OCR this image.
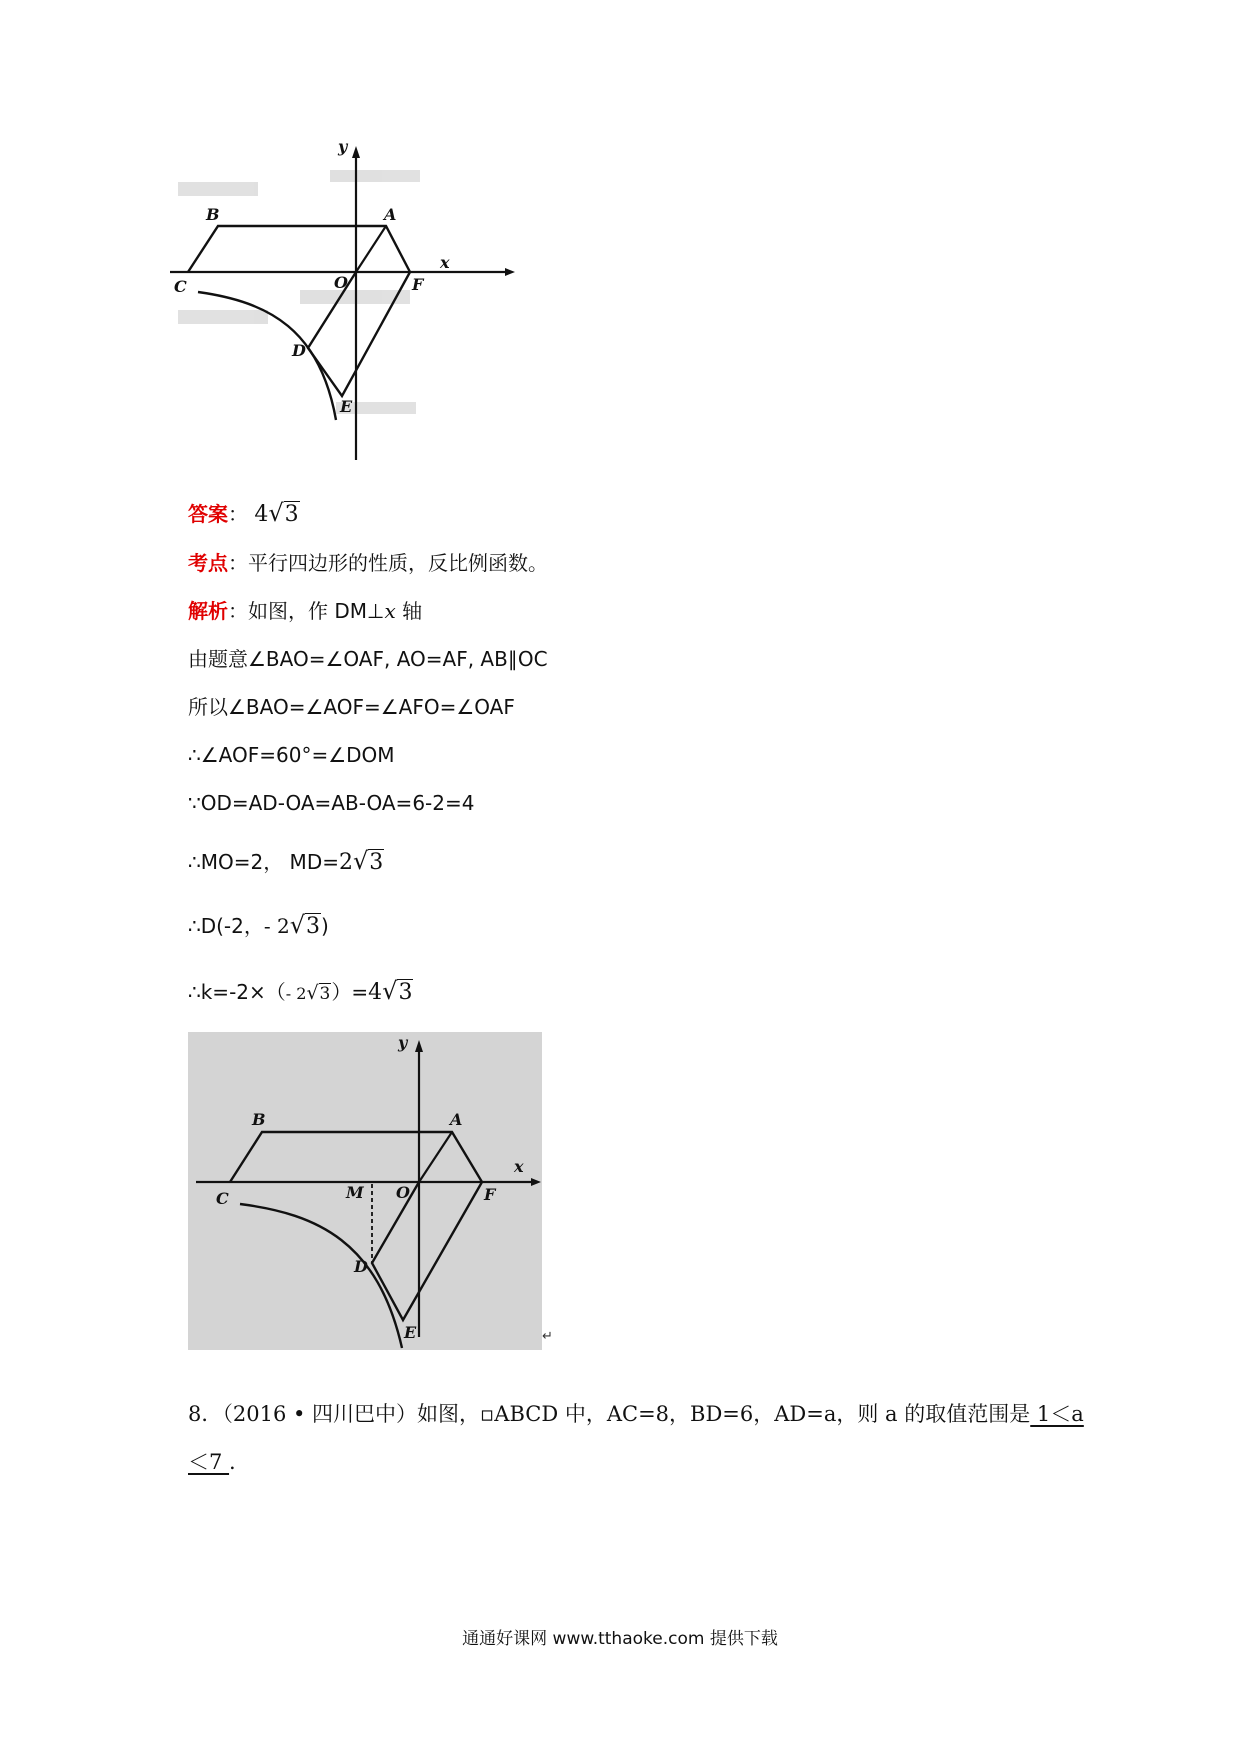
y
x
B	A
C	O	F
D
E
答案： 4√3
考点：平行四边形的性质，反比例函数。
解析：如图，作 DM⊥x 轴
由题意∠BAO=∠OAF, AO=AF, AB∥OC
所以∠BAO=∠AOF=∠AFO=∠OAF
∴∠AOF=60°=∠DOM
∵OD=AD-OA=AB-OA=6-2=4
∴MO=2， MD=2√3
∴D(-2，- 2√3)
∴k=-2×（- 2√3）=4√3
y
x
B	A
C	M O	F
D
E	↵
8．（2016 • 四川巴中）如图，▫ABCD 中，AC=8，BD=6，AD=a，则 a 的取值范围是 1＜a
＜7 .
通通好课网 www.tthaoke.com 提供下载
